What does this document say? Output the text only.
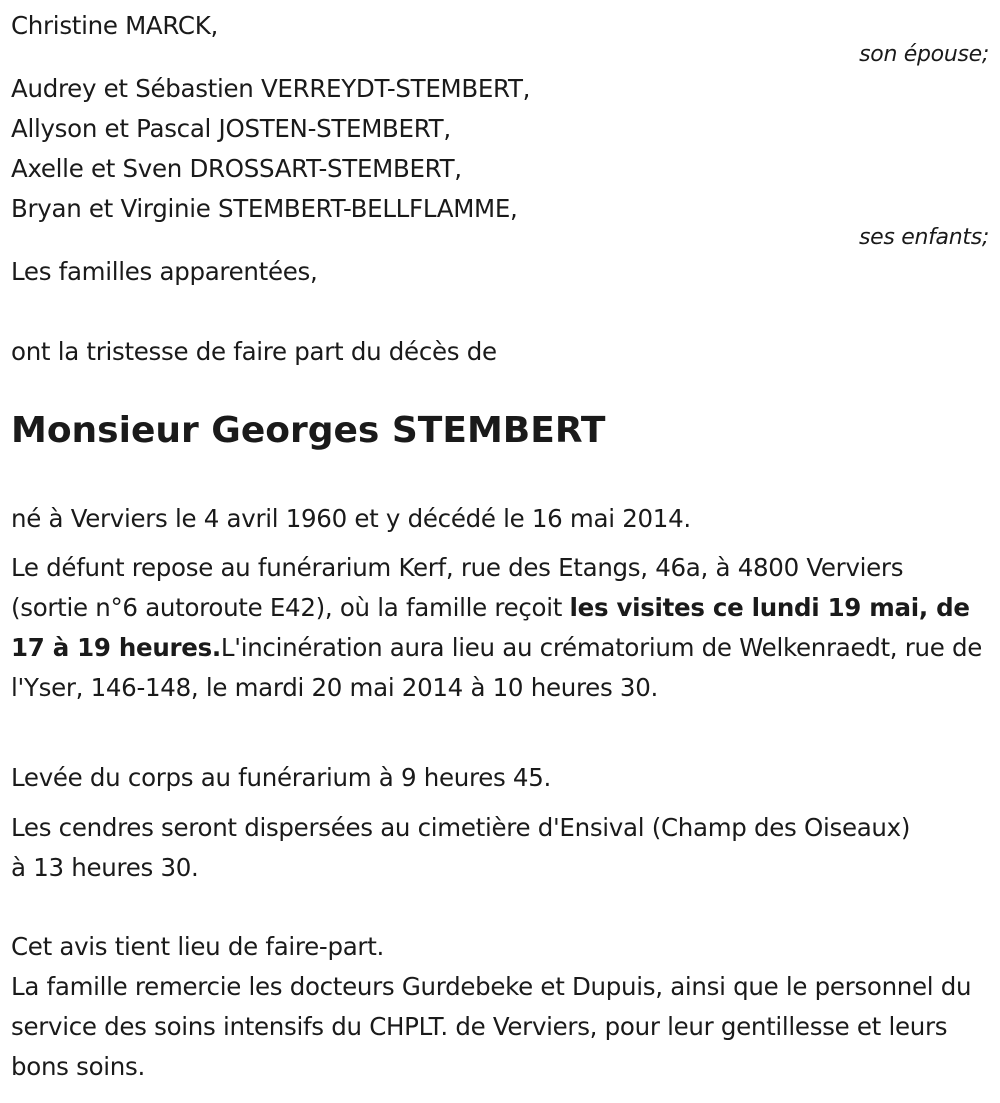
Christine MARCK,
son épouse;
Audrey et Sébastien VERREYDT-STEMBERT,
Allyson et Pascal JOSTEN-STEMBERT,
Axelle et Sven DROSSART-STEMBERT,
Bryan et Virginie STEMBERT-BELLFLAMME,
ses enfants;
Les familles apparentées,
ont la tristesse de faire part du décès de
Monsieur Georges STEMBERT
né à Verviers le 4 avril 1960 et y décédé le 16 mai 2014.
Le défunt repose au funérarium Kerf, rue des Etangs, 46a, à 4800 Verviers (sortie n°6 autoroute E42), où la famille reçoit les visites ce lundi 19 mai, de 17 à 19 heures.L'incinération aura lieu au crématorium de Welkenraedt, rue de l'Yser, 146-148, le mardi 20 mai 2014 à 10 heures 30.
Levée du corps au funérarium à 9 heures 45.
Les cendres seront dispersées au cimetière d'Ensival (Champ des Oiseaux) à 13 heures 30.
Cet avis tient lieu de faire-part.
La famille remercie les docteurs Gurdebeke et Dupuis, ainsi que le personnel du service des soins intensifs du CHPLT. de Verviers, pour leur gentillesse et leurs bons soins.
